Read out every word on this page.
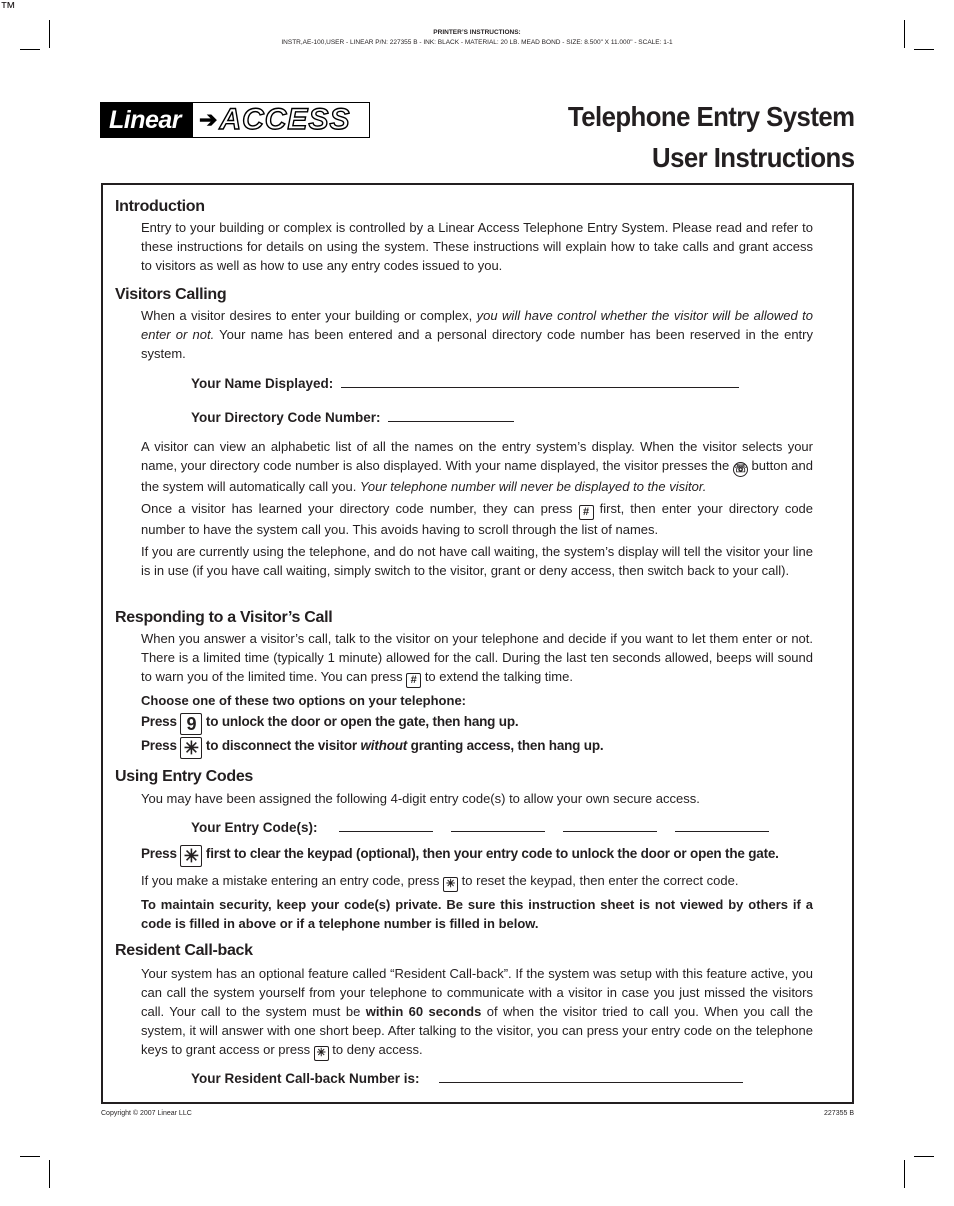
PRINTER’S INSTRUCTIONS:
INSTR,AE-100,USER - LINEAR P/N: 227355 B - INK: BLACK - MATERIAL: 20 LB. MEAD BOND - SIZE: 8.500" X 11.000" - SCALE: 1-1
Linear ➔ ACCESS
™
Telephone Entry System
User Instructions
Introduction
Entry to your building or complex is controlled by a Linear Access Telephone Entry System. Please read and refer to these instructions for details on using the system. These instructions will explain how to take calls and grant access to visitors as well as how to use any entry codes issued to you.
Visitors Calling
When a visitor desires to enter your building or complex, you will have control whether the visitor will be allowed to enter or not. Your name has been entered and a personal directory code number has been reserved in the entry system.
Your Name Displayed:
Your Directory Code Number:
A visitor can view an alphabetic list of all the names on the entry system’s display. When the visitor selects your name, your directory code number is also displayed. With your name displayed, the visitor presses the ☏ button and the system will automatically call you. Your telephone number will never be displayed to the visitor.
Once a visitor has learned your directory code number, they can press # first, then enter your directory code number to have the system call you. This avoids having to scroll through the list of names.
If you are currently using the telephone, and do not have call waiting, the system’s display will tell the visitor your line is in use (if you have call waiting, simply switch to the visitor, grant or deny access, then switch back to your call).
Responding to a Visitor’s Call
When you answer a visitor’s call, talk to the visitor on your telephone and decide if you want to let them enter or not. There is a limited time (typically 1 minute) allowed for the call. During the last ten seconds allowed, beeps will sound to warn you of the limited time. You can press # to extend the talking time.
Choose one of these two options on your telephone:
Press 9 to unlock the door or open the gate, then hang up.
Press ✳ to disconnect the visitor without granting access, then hang up.
Using Entry Codes
You may have been assigned the following 4-digit entry code(s) to allow your own secure access.
Your Entry Code(s):
Press ✳ first to clear the keypad (optional), then your entry code to unlock the door or open the gate.
If you make a mistake entering an entry code, press ✳ to reset the keypad, then enter the correct code.
To maintain security, keep your code(s) private. Be sure this instruction sheet is not viewed by others if a code is filled in above or if a telephone number is filled in below.
Resident Call-back
Your system has an optional feature called “Resident Call-back”. If the system was setup with this feature active, you can call the system yourself from your telephone to communicate with a visitor in case you just missed the visitors call. Your call to the system must be within 60 seconds of when the visitor tried to call you. When you call the system, it will answer with one short beep. After talking to the visitor, you can press your entry code on the telephone keys to grant access or press ✳ to deny access.
Your Resident Call-back Number is:
Copyright © 2007 Linear LLC	227355 B
